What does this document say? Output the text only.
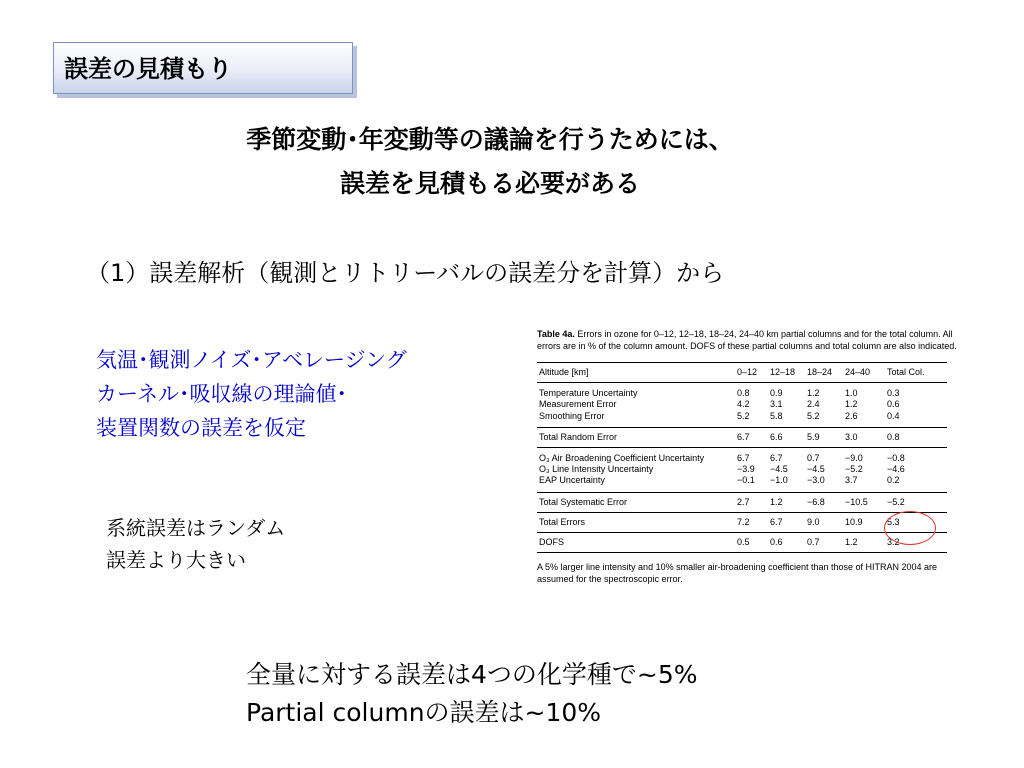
誤差の見積もり
季節変動･年変動等の議論を行うためには、
誤差を見積もる必要がある
（1）誤差解析（観測とリトリーバルの誤差分を計算）から
気温･観測ノイズ･アベレージング
カーネル･吸収線の理論値･
装置関数の誤差を仮定
系統誤差はランダム
誤差より大きい
Table 4a. Errors in ozone for 0–12, 12–18, 18–24, 24–40 km partial columns and for the total column. All errors are in % of the column amount. DOFS of these partial columns and total column are also indicated.
Altitude [km]	0–12	12–18	18–24	24–40	Total Col.
Temperature Uncertainty	0.8	0.9	1.2	1.0	0.3
Measurement Error	4.2	3.1	2.4	1.2	0.6
Smoothing Error	5.2	5.8	5.2	2.6	0.4
Total Random Error	6.7	6.6	5.9	3.0	0.8
O₃ Air Broadening Coefficient Uncertainty	6.7	6.7	0.7	−9.0	−0.8
O₃ Line Intensity Uncertainty	−3.9	−4.5	−4.5	−5.2	−4.6
EAP Uncertainty	−0.1	−1.0	−3.0	3.7	0.2
Total Systematic Error	2.7	1.2	−6.8	−10.5	−5.2
Total Errors	7.2	6.7	9.0	10.9	5.3
DOFS	0.5	0.6	0.7	1.2	3.2
A 5% larger line intensity and 10% smaller air-broadening coefficient than those of HITRAN 2004 are assumed for the spectroscopic error.
全量に対する誤差は4つの化学種で~5%
Partial columnの誤差は~10%
